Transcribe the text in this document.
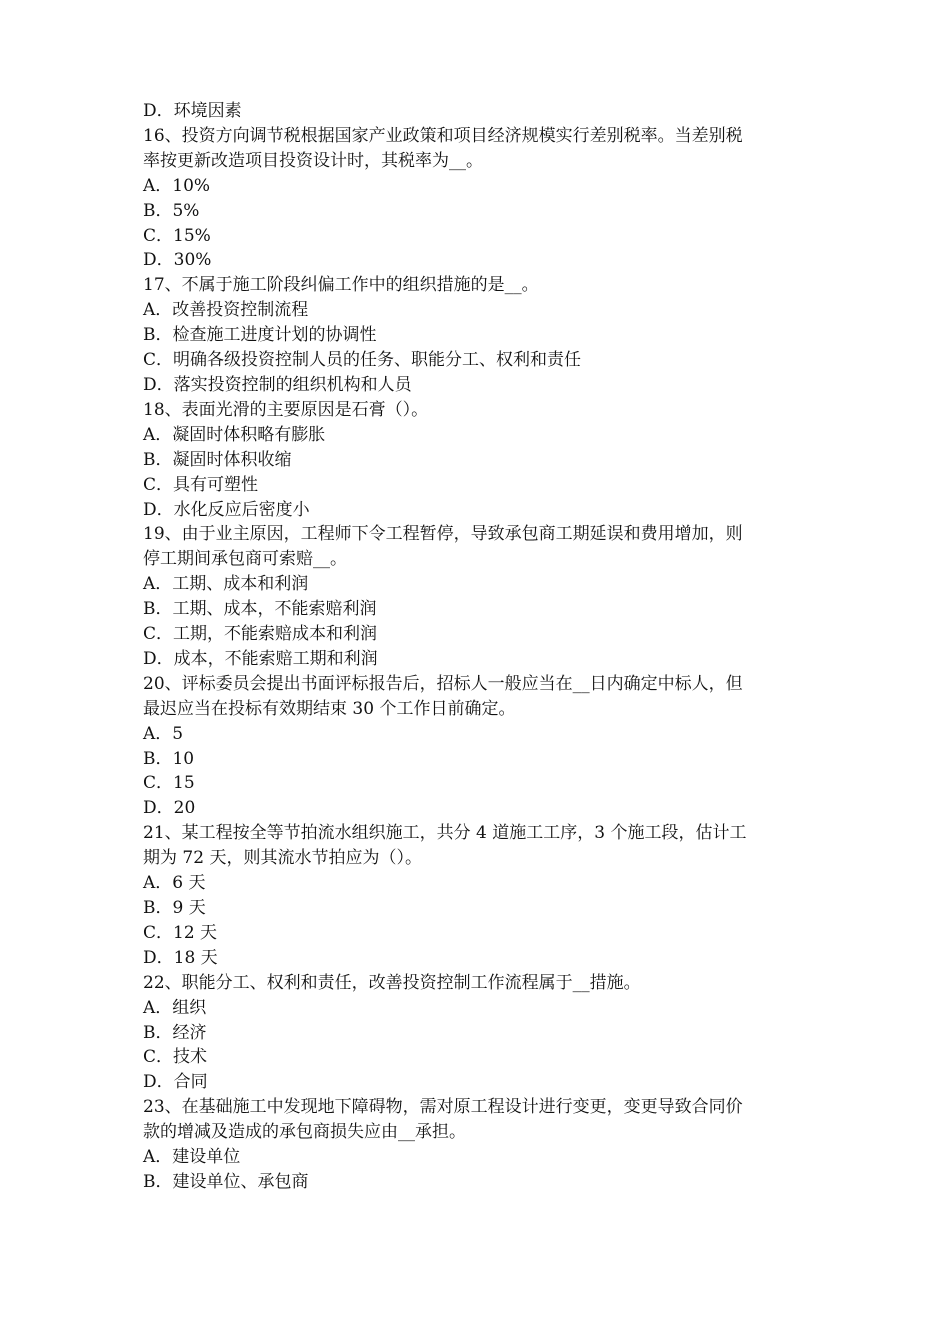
D．环境因素
16、投资方向调节税根据国家产业政策和项目经济规模实行差别税率。当差别税
率按更新改造项目投资设计时，其税率为__。
A．10%
B．5%
C．15%
D．30%
17、不属于施工阶段纠偏工作中的组织措施的是__。
A．改善投资控制流程
B．检查施工进度计划的协调性
C．明确各级投资控制人员的任务、职能分工、权利和责任
D．落实投资控制的组织机构和人员
18、表面光滑的主要原因是石膏（）。
A．凝固时体积略有膨胀
B．凝固时体积收缩
C．具有可塑性
D．水化反应后密度小
19、由于业主原因，工程师下令工程暂停，导致承包商工期延误和费用增加，则
停工期间承包商可索赔__。
A．工期、成本和利润
B．工期、成本，不能索赔利润
C．工期，不能索赔成本和利润
D．成本，不能索赔工期和利润
20、评标委员会提出书面评标报告后，招标人一般应当在__日内确定中标人，但
最迟应当在投标有效期结束 30 个工作日前确定。
A．5
B．10
C．15
D．20
21、某工程按全等节拍流水组织施工，共分 4 道施工工序，3 个施工段，估计工
期为 72 天，则其流水节拍应为（）。
A．6 天
B．9 天
C．12 天
D．18 天
22、职能分工、权利和责任，改善投资控制工作流程属于__措施。
A．组织
B．经济
C．技术
D．合同
23、在基础施工中发现地下障碍物，需对原工程设计进行变更，变更导致合同价
款的增减及造成的承包商损失应由__承担。
A．建设单位
B．建设单位、承包商
